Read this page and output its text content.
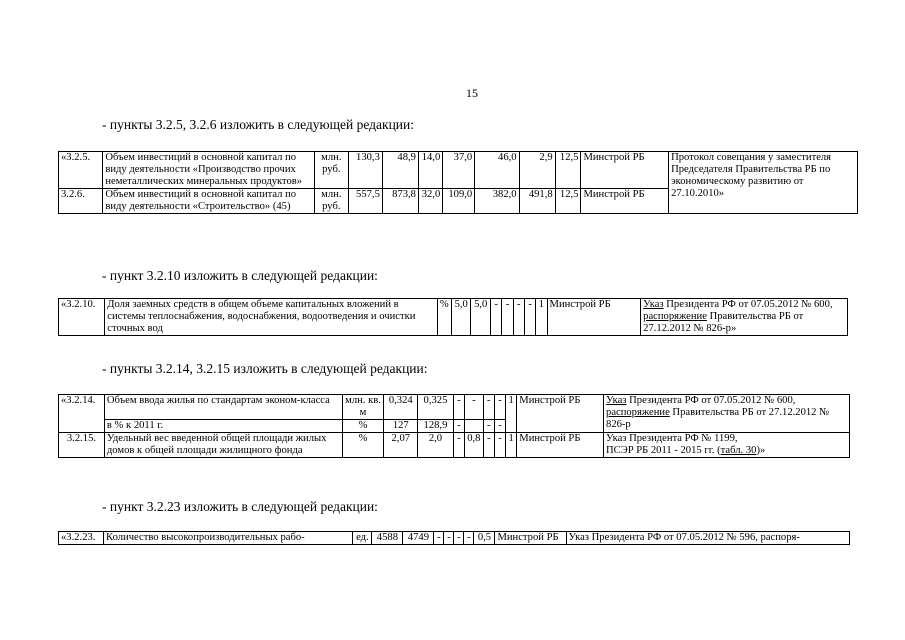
15
- пункты 3.2.5, 3.2.6 изложить в следующей редакции:
«3.2.5.	Объем инвестиций в основной капитал по виду деятельности «Производство прочих неметаллических минеральных продуктов»	млн. руб.	130,3	48,9	14,0	37,0	46,0	2,9	12,5	Минстрой РБ	Протокол совещания у заместителя Председателя Правительства РБ по экономическому развитию от 27.10.2010»
3.2.6.	Объем инвестиций в основной капитал по виду деятельности «Строительство» (45)	млн. руб.	557,5	873,8	32,0	109,0	382,0	491,8	12,5	Минстрой РБ	
- пункт 3.2.10 изложить в следующей редакции:
«3.2.10.	Доля заемных средств в общем объеме капитальных вложений в системы теплоснабжения, водоснабжения, водоотведения и очистки сточных вод	%	5,0	5,0	-	-	-	-	1	Минстрой РБ	Указ Президента РФ от 07.05.2012 № 600, распоряжение Правительства РБ от 27.12.2012 № 826-р»
- пункты 3.2.14, 3.2.15 изложить в следующей редакции:
«3.2.14.	Объем ввода жилья по стандартам эконом-класса	млн. кв. м	0,324	0,325	-	-	-	-	1	Минстрой РБ	Указ Президента РФ от 07.05.2012 № 600, распоряжение Правительства РБ от 27.12.2012 № 826-р
	в % к 2011 г.	%	127	128,9	-		-	-			
3.2.15.	Удельный вес введенной общей площади жилых домов к общей площади жилищного фонда	%	2,07	2,0	-	0,8	-	-	1	Минстрой РБ	Указ Президента РФ № 1199,
ПСЭР РБ 2011 - 2015 гг. (табл. 30)»
- пункт 3.2.23 изложить в следующей редакции:
«3.2.23.	Количество высокопроизводительных рабо-	ед.	4588	4749	-	-	-	-	0,5	Минстрой РБ	Указ Президента РФ от 07.05.2012 № 596, распоря-
